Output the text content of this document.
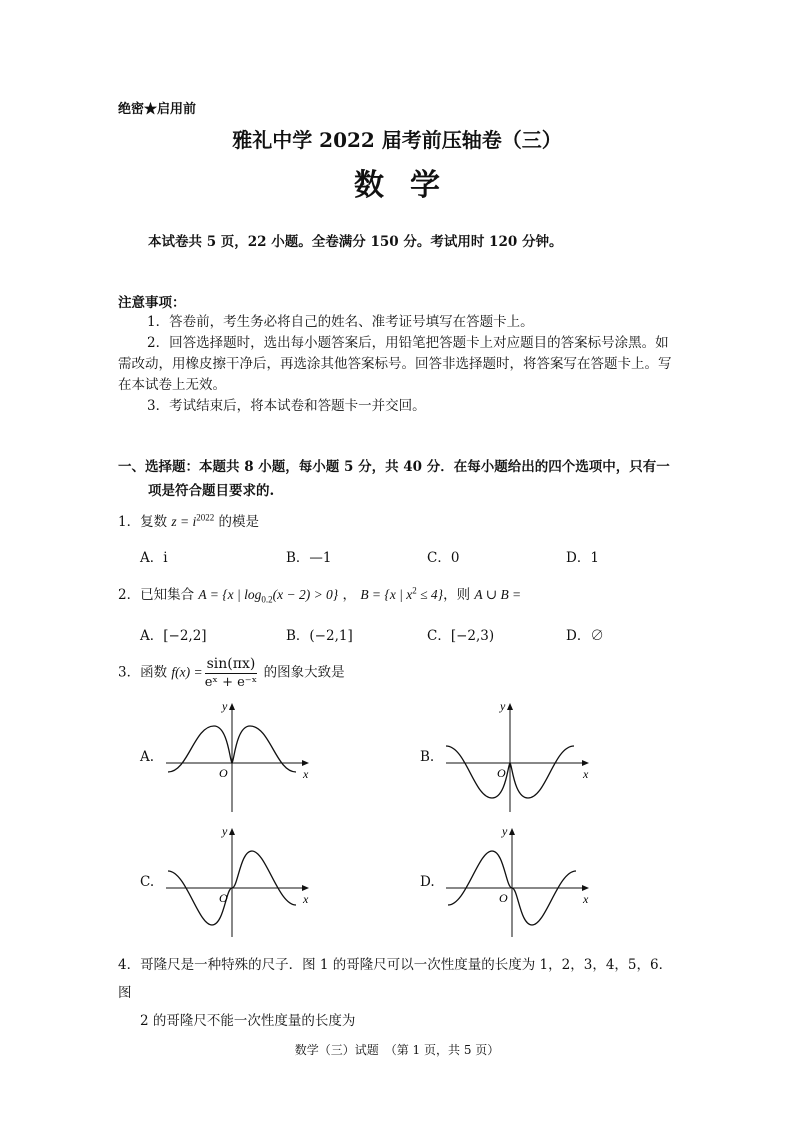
绝密★启用前
雅礼中学 2022 届考前压轴卷（三）
数学
本试卷共 5 页，22 小题。全卷满分 150 分。考试用时 120 分钟。
注意事项：
1．答卷前，考生务必将自己的姓名、准考证号填写在答题卡上。
2．回答选择题时，选出每小题答案后，用铅笔把答题卡上对应题目的答案标号涂黑。如需改动，用橡皮擦干净后，再选涂其他答案标号。回答非选择题时，将答案写在答题卡上。写在本试卷上无效。
3．考试结束后，将本试卷和答题卡一并交回。
一、选择题：本题共 8 小题，每小题 5 分，共 40 分．在每小题给出的四个选项中，只有一
项是符合题目要求的.
1．复数 $z = i^{2022}$ 的模是
A．i	B．—1	C．0	D．1
2．已知集合 A = {x | $\log_{0.2}(x - 2) > 0$} ， B = {x | $x^2 \le 4$}，则 A ∪ B =
A．[−2,2]	B．(−2,1]	C．[−2,3)	D．∅
3．函数 $f(x) = \frac{\sin(\pi x)}{\text{eˣ + e⁻ˣ}}$ 的图象大致是
A.	B.
C.	D.
x
y
O	x
y
O
x
y
O	x
y
O
4．哥隆尺是一种特殊的尺子．图 1 的哥隆尺可以一次性度量的长度为 1，2，3，4，5，6．图
2 的哥隆尺不能一次性度量的长度为
数学（三）试题　（第 1 页，共 5 页）
